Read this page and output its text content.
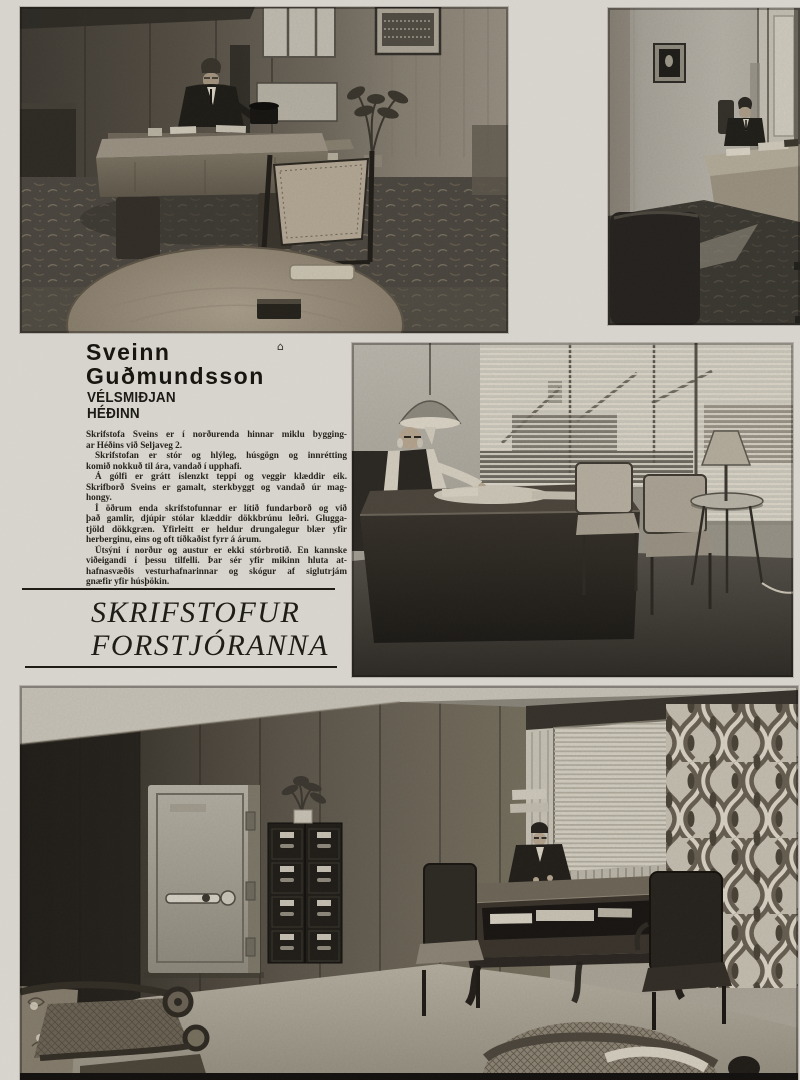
⌂
Sveinn
Guðmundsson
VÉLSMIÐJAN
HÉÐINN
Skrifstofa Sveins er í norðurenda hinnar miklu bygging-
ar Héðins við Seljaveg 2.
Skrifstofan er stór og hlýleg, húsgögn og innrétting
komið nokkuð til ára, vandað í upphafi.
Á gólfi er grátt íslenzkt teppi og veggir klæddir eik.
Skrifborð Sveins er gamalt, sterkbyggt og vandað úr mag-
hongy.
Í öðrum enda skrifstofunnar er lítið fundarborð og við
það gamlir, djúpir stólar klæddir dökkbrúnu leðri. Glugga-
tjöld dökkgræn. Yfirleitt er heldur drungalegur blær yfir
herberginu, eins og oft tíðkaðist fyrr á árum.
Útsýni í norður og austur er ekki stórbrotið. En kannske
viðeigandi í þessu tilfelli. Þar sér yfir mikinn hluta at-
hafnasvæðis vesturhafnarinnar og skógur af siglutrjám
gnæfir yfir húsþökin.
SKRIFSTOFUR
FORSTJÓRANNA
